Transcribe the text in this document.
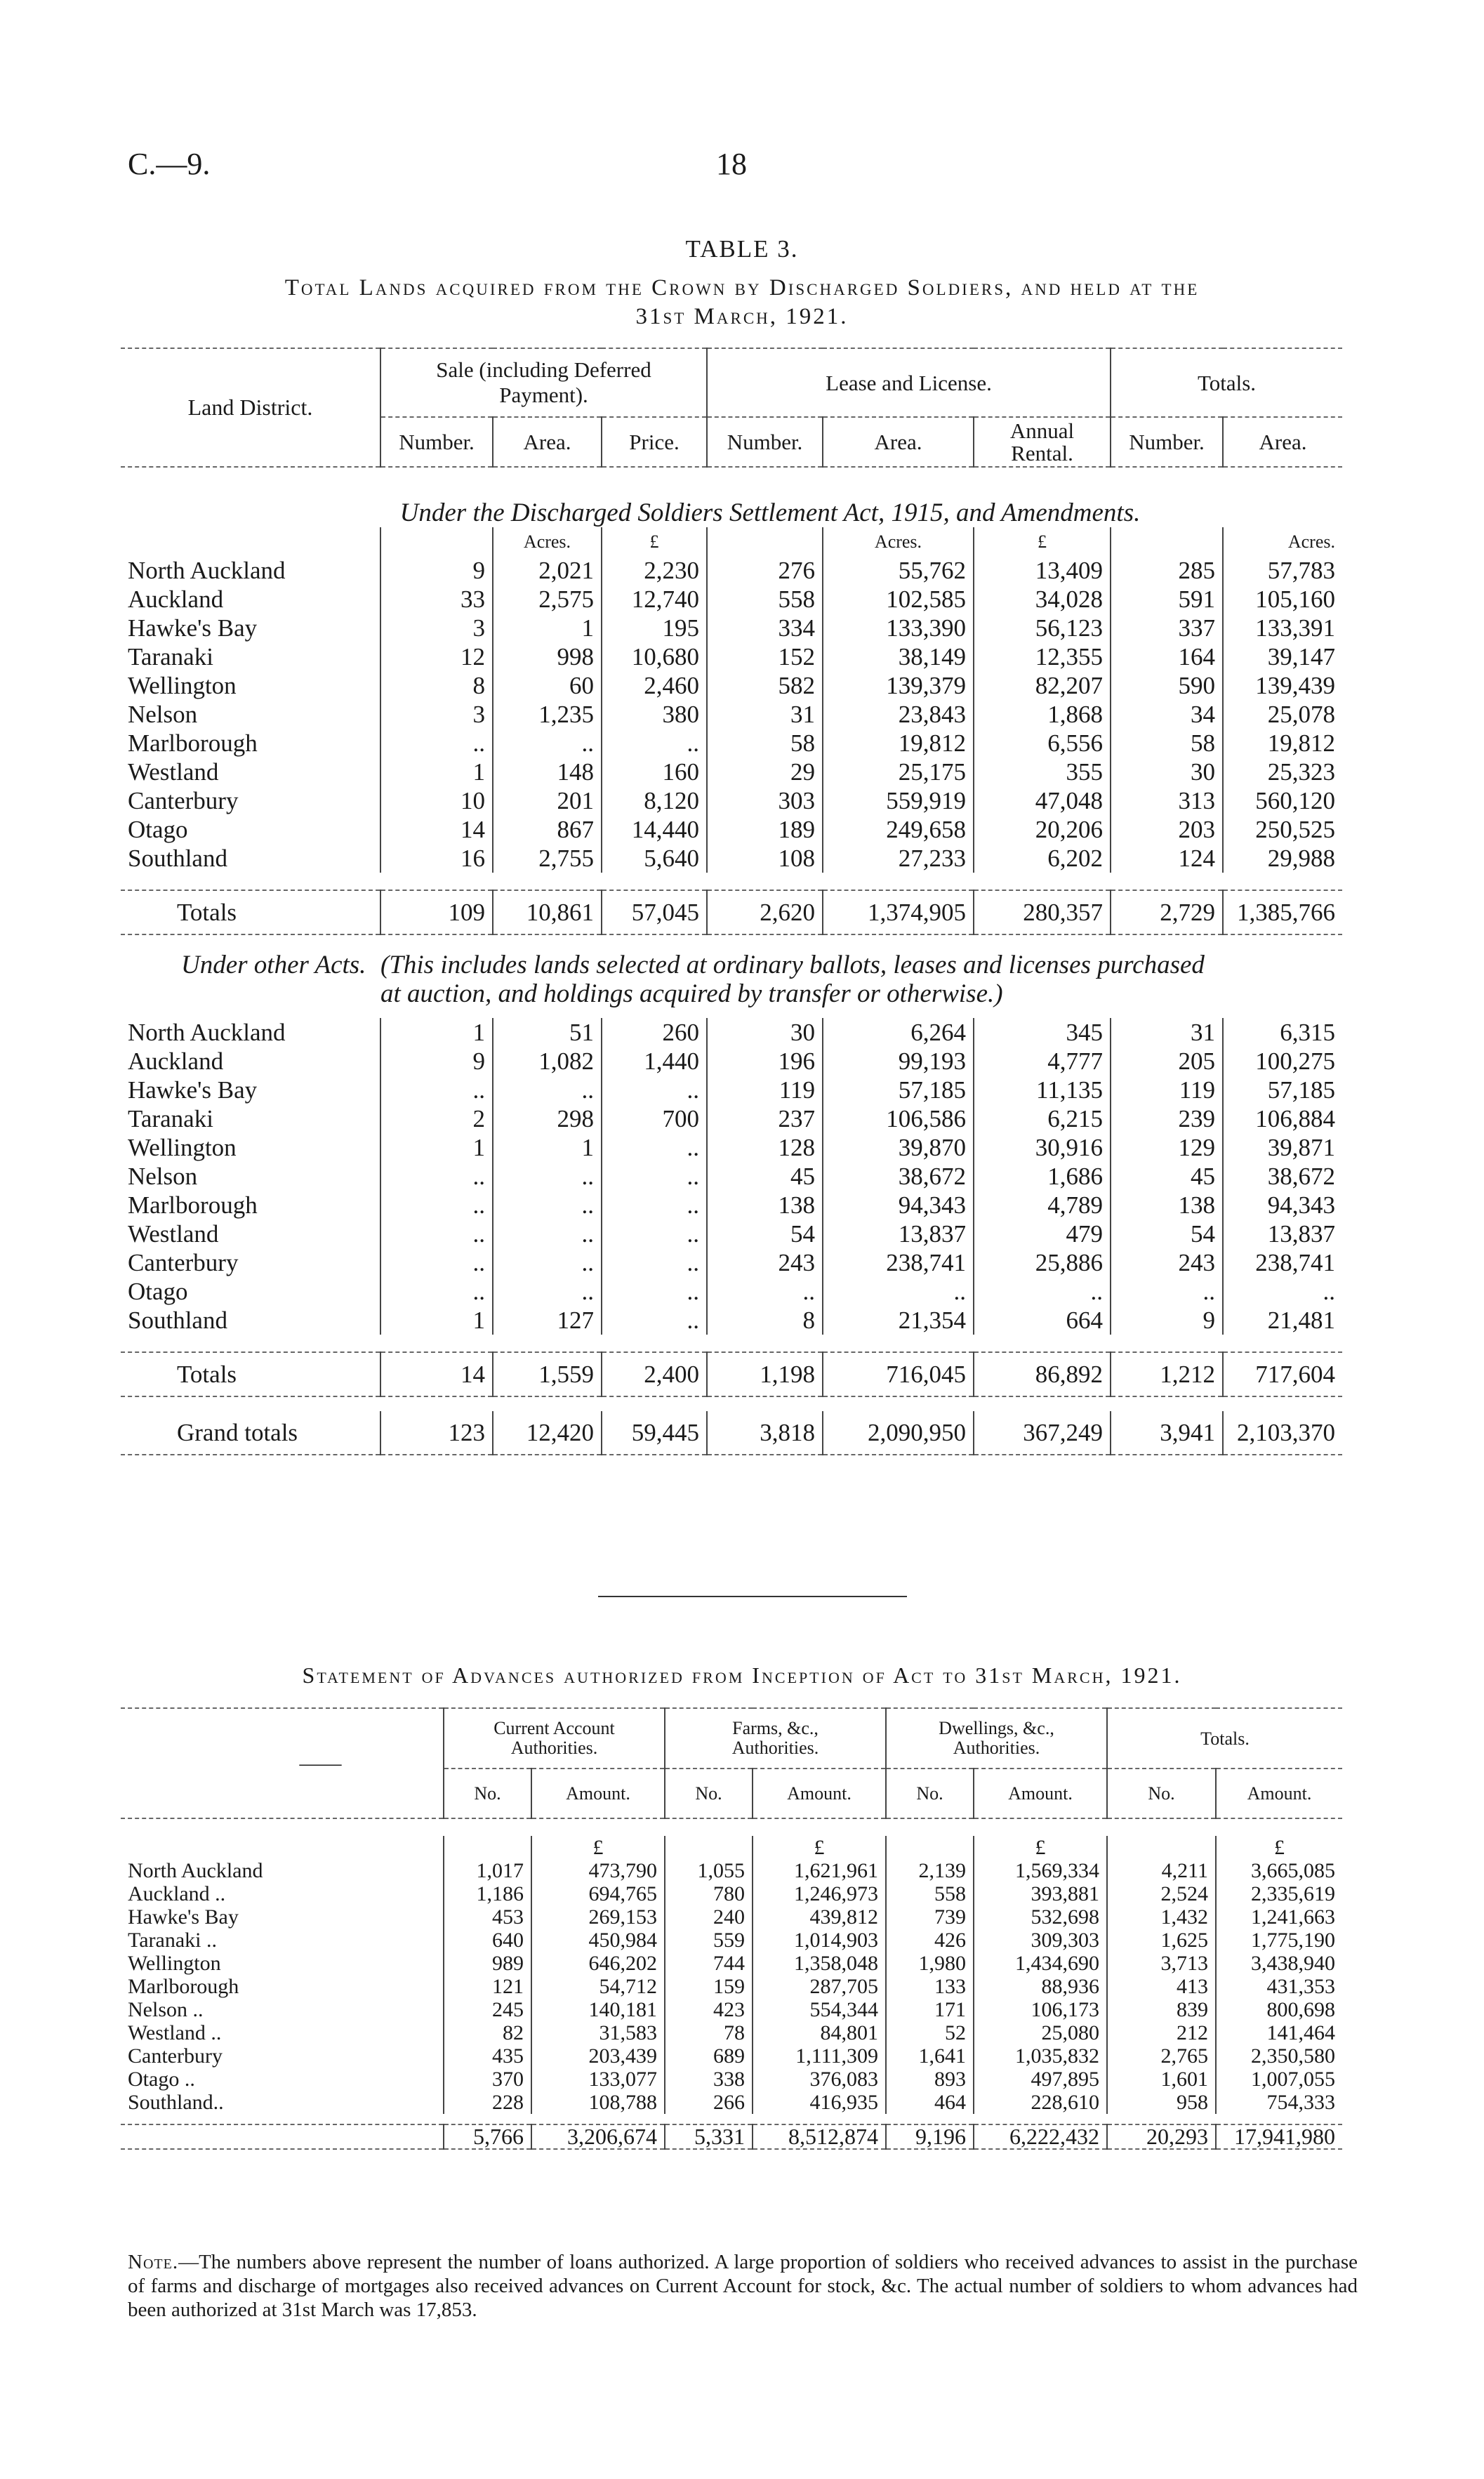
C.—9.	18
TABLE 3.
Total Lands acquired from the Crown by Discharged Soldiers, and held at the
31st March, 1921.
Land District.	Sale (including Deferred Payment).			Lease and License.			Totals.	
	Number.	Area.	Price.	Number.	Area.	Annual Rental.	Number.	Area.

Under the Discharged Soldiers Settlement Act, 1915, and Amendments.								
		Acres.	£		Acres.	£		Acres.
North Auckland	9	2,021	2,230	276	55,762	13,409	285	57,783
Auckland	33	2,575	12,740	558	102,585	34,028	591	105,160
Hawke's Bay	3	1	195	334	133,390	56,123	337	133,391
Taranaki	12	998	10,680	152	38,149	12,355	164	39,147
Wellington	8	60	2,460	582	139,379	82,207	590	139,439
Nelson	3	1,235	380	31	23,843	1,868	34	25,078
Marlborough	..	..	..	58	19,812	6,556	58	19,812
Westland	1	148	160	29	25,175	355	30	25,323
Canterbury	10	201	8,120	303	559,919	47,048	313	560,120
Otago	14	867	14,440	189	249,658	20,206	203	250,525
Southland	16	2,755	5,640	108	27,233	6,202	124	29,988

Totals	109	10,861	57,045	2,620	1,374,905	280,357	2,729	1,385,766

Under other Acts.	(This includes lands selected at ordinary ballots, leases and licenses purchased							
	at auction, and holdings acquired by transfer or otherwise.)							

North Auckland	1	51	260	30	6,264	345	31	6,315
Auckland	9	1,082	1,440	196	99,193	4,777	205	100,275
Hawke's Bay	..	..	..	119	57,185	11,135	119	57,185
Taranaki	2	298	700	237	106,586	6,215	239	106,884
Wellington	1	1	..	128	39,870	30,916	129	39,871
Nelson	..	..	..	45	38,672	1,686	45	38,672
Marlborough	..	..	..	138	94,343	4,789	138	94,343
Westland	..	..	..	54	13,837	479	54	13,837
Canterbury	..	..	..	243	238,741	25,886	243	238,741
Otago	..	..	..	..	..	..	..	..
Southland	1	127	..	8	21,354	664	9	21,481

Totals	14	1,559	2,400	1,198	716,045	86,892	1,212	717,604

Grand totals	123	12,420	59,445	3,818	2,090,950	367,249	3,941	2,103,370
Statement of Advances authorized from Inception of Act to 31st March, 1921.
——	Current Account Authorities.		Farms, &c., Authorities.		Dwellings, &c., Authorities.		Totals.	
	No.	Amount.	No.	Amount.	No.	Amount.	No.	Amount.

		£		£		£		£
North Auckland	1,017	473,790	1,055	1,621,961	2,139	1,569,334	4,211	3,665,085
Auckland ..	1,186	694,765	780	1,246,973	558	393,881	2,524	2,335,619
Hawke's Bay	453	269,153	240	439,812	739	532,698	1,432	1,241,663
Taranaki ..	640	450,984	559	1,014,903	426	309,303	1,625	1,775,190
Wellington	989	646,202	744	1,358,048	1,980	1,434,690	3,713	3,438,940
Marlborough	121	54,712	159	287,705	133	88,936	413	431,353
Nelson ..	245	140,181	423	554,344	171	106,173	839	800,698
Westland ..	82	31,583	78	84,801	52	25,080	212	141,464
Canterbury	435	203,439	689	1,111,309	1,641	1,035,832	2,765	2,350,580
Otago ..	370	133,077	338	376,083	893	497,895	1,601	1,007,055
Southland..	228	108,788	266	416,935	464	228,610	958	754,333

	5,766	3,206,674	5,331	8,512,874	9,196	6,222,432	20,293	17,941,980
Note.—The numbers above represent the number of loans authorized. A large proportion of soldiers who received advances to assist in the purchase of farms and discharge of mortgages also received advances on Current Account for stock, &c. The actual number of soldiers to whom advances had been authorized at 31st March was 17,853.
